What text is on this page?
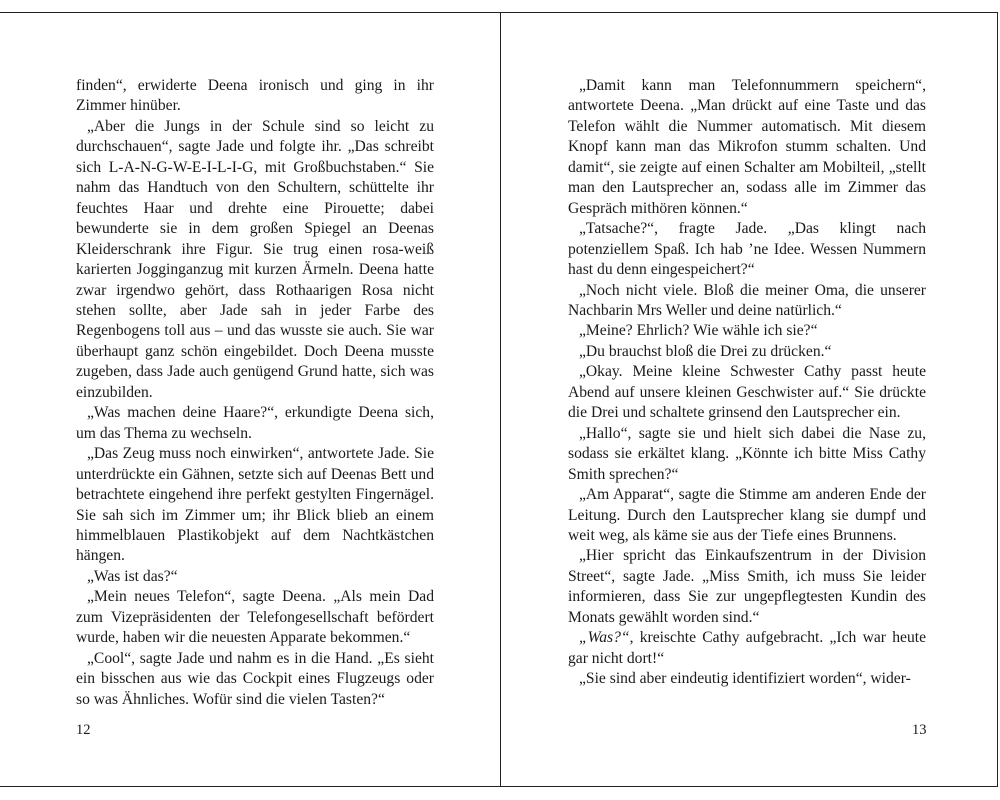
finden“, erwiderte Deena ironisch und ging in ihr Zimmer hinüber.

„Aber die Jungs in der Schule sind so leicht zu durchschauen“, sagte Jade und folgte ihr. „Das schreibt sich L-A-N-G-W-E-I-L-I-G, mit Großbuchstaben.“ Sie nahm das Handtuch von den Schultern, schüttelte ihr feuchtes Haar und drehte eine Pirouette; dabei bewunderte sie in dem großen Spiegel an Deenas Kleiderschrank ihre Figur. Sie trug einen rosa-weiß karierten Jogginganzug mit kurzen Ärmeln. Deena hatte zwar irgendwo gehört, dass Rothaarigen Rosa nicht stehen sollte, aber Jade sah in jeder Farbe des Regenbogens toll aus – und das wusste sie auch. Sie war überhaupt ganz schön eingebildet. Doch Deena musste zugeben, dass Jade auch genügend Grund hatte, sich was einzubilden.

„Was machen deine Haare?“, erkundigte Deena sich, um das Thema zu wechseln.

„Das Zeug muss noch einwirken“, antwortete Jade. Sie unterdrückte ein Gähnen, setzte sich auf Deenas Bett und betrachtete eingehend ihre perfekt gestylten Fingernägel. Sie sah sich im Zimmer um; ihr Blick blieb an einem himmelblauen Plastikobjekt auf dem Nachtkästchen hängen.

„Was ist das?“

„Mein neues Telefon“, sagte Deena. „Als mein Dad zum Vizepräsidenten der Telefongesellschaft befördert wurde, haben wir die neuesten Apparate bekommen.“

„Cool“, sagte Jade und nahm es in die Hand. „Es sieht ein bisschen aus wie das Cockpit eines Flugzeugs oder so was Ähnliches. Wofür sind die vielen Tasten?“

12

„Damit kann man Telefonnummern speichern“, antwortete Deena. „Man drückt auf eine Taste und das Telefon wählt die Nummer automatisch. Mit diesem Knopf kann man das Mikrofon stumm schalten. Und damit“, sie zeigte auf einen Schalter am Mobilteil, „stellt man den Lautsprecher an, sodass alle im Zimmer das Gespräch mithören können.“

„Tatsache?“, fragte Jade. „Das klingt nach potenziellem Spaß. Ich hab ’ne Idee. Wessen Nummern hast du denn eingespeichert?“

„Noch nicht viele. Bloß die meiner Oma, die unserer Nachbarin Mrs Weller und deine natürlich.“

„Meine? Ehrlich? Wie wähle ich sie?“

„Du brauchst bloß die Drei zu drücken.“

„Okay. Meine kleine Schwester Cathy passt heute Abend auf unsere kleinen Geschwister auf.“ Sie drückte die Drei und schaltete grinsend den Lautsprecher ein.

„Hallo“, sagte sie und hielt sich dabei die Nase zu, sodass sie erkältet klang. „Könnte ich bitte Miss Cathy Smith sprechen?“

„Am Apparat“, sagte die Stimme am anderen Ende der Leitung. Durch den Lautsprecher klang sie dumpf und weit weg, als käme sie aus der Tiefe eines Brunnens.

„Hier spricht das Einkaufszentrum in der Division Street“, sagte Jade. „Miss Smith, ich muss Sie leider informieren, dass Sie zur ungepflegtesten Kundin des Monats gewählt worden sind.“

„Was?“, kreischte Cathy aufgebracht. „Ich war heute gar nicht dort!“

„Sie sind aber eindeutig identifiziert worden“, wider-

13
